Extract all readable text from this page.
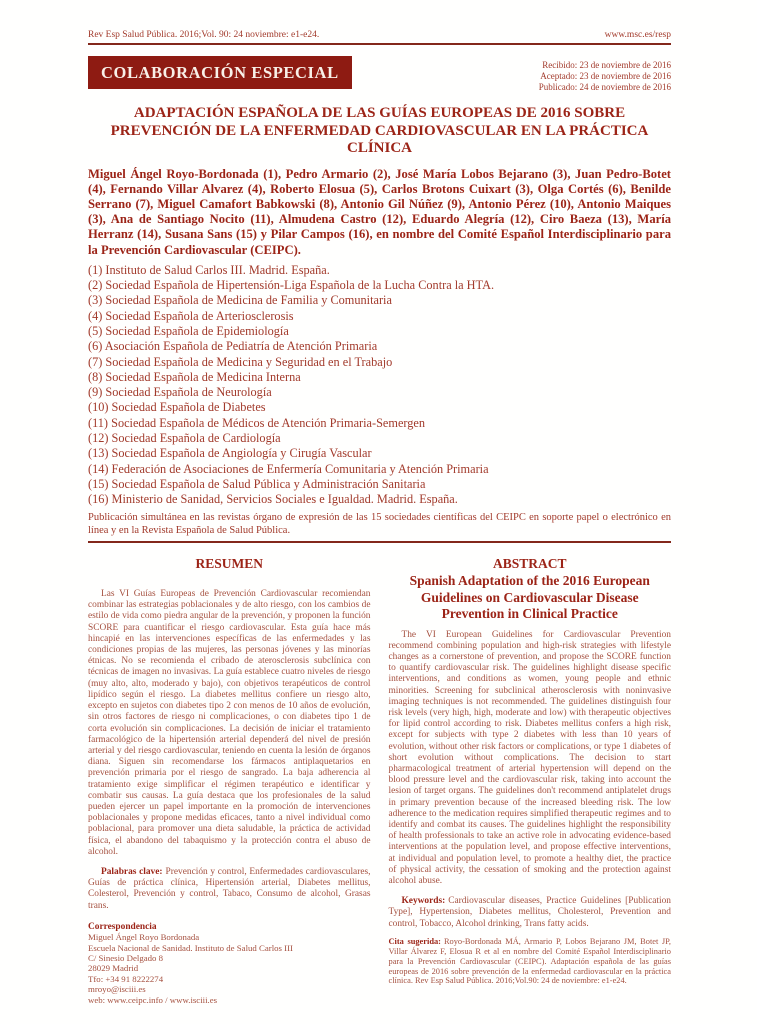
Rev Esp Salud Pública. 2016;Vol. 90: 24 noviembre: e1-e24.	www.msc.es/resp
COLABORACIÓN ESPECIAL	Recibido: 23 de noviembre de 2016
Aceptado: 23 de noviembre de 2016
Publicado: 24 de noviembre de 2016
ADAPTACIÓN ESPAÑOLA DE LAS GUÍAS EUROPEAS DE 2016 SOBRE PREVENCIÓN DE LA ENFERMEDAD CARDIOVASCULAR EN LA PRÁCTICA CLÍNICA

Miguel Ángel Royo-Bordonada (1), Pedro Armario (2), José María Lobos Bejarano (3), Juan Pedro-Botet (4), Fernando Villar Alvarez (4), Roberto Elosua (5), Carlos Brotons Cuixart (3), Olga Cortés (6), Benilde Serrano (7), Miguel Camafort Babkowski (8), Antonio Gil Núñez (9), Antonio Pérez (10), Antonio Maiques (3), Ana de Santiago Nocito (11), Almudena Castro (12), Eduardo Alegría (12), Ciro Baeza (13), María Herranz (14), Susana Sans (15) y Pilar Campos (16), en nombre del Comité Español Interdisciplinario para la Prevención Cardiovascular (CEIPC).

(1) Instituto de Salud Carlos III. Madrid. España.
(2) Sociedad Española de Hipertensión-Liga Española de la Lucha Contra la HTA.
(3) Sociedad Española de Medicina de Familia y Comunitaria
(4) Sociedad Española de Arteriosclerosis
(5) Sociedad Española de Epidemiología
(6) Asociación Española de Pediatría de Atención Primaria
(7) Sociedad Española de Medicina y Seguridad en el Trabajo
(8) Sociedad Española de Medicina Interna
(9) Sociedad Española de Neurología
(10) Sociedad Española de Diabetes
(11) Sociedad Española de Médicos de Atención Primaria-Semergen
(12) Sociedad Española de Cardiología
(13) Sociedad Española de Angiología y Cirugía Vascular
(14) Federación de Asociaciones de Enfermería Comunitaria y Atención Primaria
(15) Sociedad Española de Salud Pública y Administración Sanitaria
(16) Ministerio de Sanidad, Servicios Sociales e Igualdad. Madrid. España.

Publicación simultánea en las revistas órgano de expresión de las 15 sociedades científicas del CEIPC en soporte papel o electrónico en línea y en la Revista Española de Salud Pública.

RESUMEN

Las VI Guías Europeas de Prevención Cardiovascular recomiendan combinar las estrategias poblacionales y de alto riesgo, con los cambios de estilo de vida como piedra angular de la prevención, y proponen la función SCORE para cuantificar el riesgo cardiovascular. Esta guía hace más hincapié en las intervenciones específicas de las enfermedades y las condiciones propias de las mujeres, las personas jóvenes y las minorías étnicas. No se recomienda el cribado de aterosclerosis subclínica con técnicas de imagen no invasivas. La guía establece cuatro niveles de riesgo (muy alto, alto, moderado y bajo), con objetivos terapéuticos de control lipídico según el riesgo. La diabetes mellitus confiere un riesgo alto, excepto en sujetos con diabetes tipo 2 con menos de 10 años de evolución, sin otros factores de riesgo ni complicaciones, o con diabetes tipo 1 de corta evolución sin complicaciones. La decisión de iniciar el tratamiento farmacológico de la hipertensión arterial dependerá del nivel de presión arterial y del riesgo cardiovascular, teniendo en cuenta la lesión de órganos diana. Siguen sin recomendarse los fármacos antiplaquetarios en prevención primaria por el riesgo de sangrado. La baja adherencia al tratamiento exige simplificar el régimen terapéutico e identificar y combatir sus causas. La guía destaca que los profesionales de la salud pueden ejercer un papel importante en la promoción de intervenciones poblacionales y propone medidas eficaces, tanto a nivel individual como poblacional, para promover una dieta saludable, la práctica de actividad física, el abandono del tabaquismo y la protección contra el abuso de alcohol.

Palabras clave: Prevención y control, Enfermedades cardiovasculares, Guías de práctica clínica, Hipertensión arterial, Diabetes mellitus, Colesterol, Prevención y control, Tabaco, Consumo de alcohol, Grasas trans.

Correspondencia
Miguel Ángel Royo Bordonada
Escuela Nacional de Sanidad. Instituto de Salud Carlos III
C/ Sinesio Delgado 8
28029 Madrid
Tfo: +34 91 8222274
mroyo@isciii.es
web: www.ceipc.info / www.isciii.es
ABSTRACT
Spanish Adaptation of the 2016 European Guidelines on Cardiovascular Disease Prevention in Clinical Practice

The VI European Guidelines for Cardiovascular Prevention recommend combining population and high-risk strategies with lifestyle changes as a cornerstone of prevention, and propose the SCORE function to quantify cardiovascular risk. The guidelines highlight disease specific interventions, and conditions as women, young people and ethnic minorities. Screening for subclinical atherosclerosis with noninvasive imaging techniques is not recommended. The guidelines distinguish four risk levels (very high, high, moderate and low) with therapeutic objectives for lipid control according to risk. Diabetes mellitus confers a high risk, except for subjects with type 2 diabetes with less than 10 years of evolution, without other risk factors or complications, or type 1 diabetes of short evolution without complications. The decision to start pharmacological treatment of arterial hypertension will depend on the blood pressure level and the cardiovascular risk, taking into account the lesion of target organs. The guidelines don't recommend antiplatelet drugs in primary prevention because of the increased bleeding risk. The low adherence to the medication requires simplified therapeutic regimes and to identify and combat its causes. The guidelines highlight the responsibility of health professionals to take an active role in advocating evidence-based interventions at the population level, and propose effective interventions, at individual and population level, to promote a healthy diet, the practice of physical activity, the cessation of smoking and the protection against alcohol abuse.

Keywords: Cardiovascular diseases, Practice Guidelines [Publication Type], Hypertension, Diabetes mellitus, Cholesterol, Prevention and control, Tobacco, Alcohol drinking, Trans fatty acids.

Cita sugerida: Royo-Bordonada MÁ, Armario P, Lobos Bejarano JM, Botet JP, Villar Álvarez F, Elosua R et al en nombre del Comité Español Interdisciplinario para la Prevención Cardiovascular (CEIPC). Adaptación española de las guías europeas de 2016 sobre prevención de la enfermedad cardiovascular en la práctica clínica. Rev Esp Salud Pública. 2016;Vol.90: 24 de noviembre: e1-e24.
